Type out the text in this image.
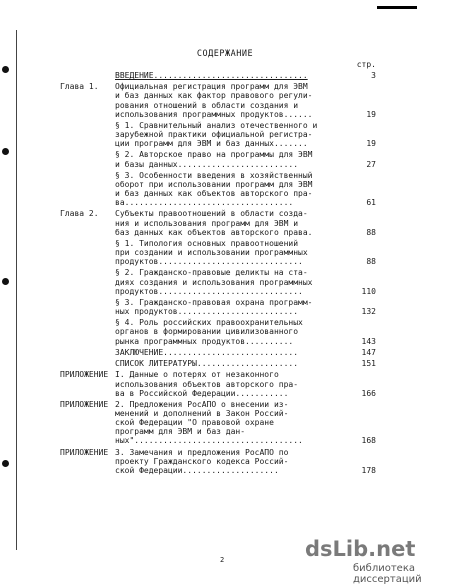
СОДЕРЖАНИЕ
стр.
ВВЕДЕНИЕ................................	3
Глава 1. Официальная регистрация программ для ЭВМ
и баз данных как фактор правового регули-
рования отношений в области создания и
использования программных продуктов......	19
§ 1. Сравнительный анализ отечественного и
зарубежной практики официальной регистра-
ции программ для ЭВМ и баз данных.......	19
§ 2. Авторское право на программы для ЭВМ
и базы данных.........................	27
§ 3. Особенности введения в хозяйственный
оборот при использовании программ для ЭВМ
и баз данных как объектов авторского пра-
ва...................................	61
Глава 2. Субъекты правоотношений в области созда-
ния и использования программ для ЭВМ и
баз данных как объектов авторского права.	88
§ 1. Типология основных правоотношений
при создании и использовании программных
продуктов..............................	88
§ 2. Гражданско-правовые деликты на ста-
диях создания и использования программных
продуктов..............................	110
§ 3. Гражданско-правовая охрана программ-
ных продуктов.........................	132
§ 4. Роль российских правоохранительных
органов в формировании цивилизованного
рынка программных продуктов..........	143
ЗАКЛЮЧЕНИЕ............................	147
СПИСОК ЛИТЕРАТУРЫ.....................	151
ПРИЛОЖЕНИЕ I. Данные о потерях от незаконного
использования объектов авторского пра-
ва в Российской Федерации...........	166
ПРИЛОЖЕНИЕ 2. Предложения РосАПО о внесении из-
менений и дополнений в Закон Россий-
ской Федерации "О правовой охране
программ для ЭВМ и баз дан-
ных"...................................	168
ПРИЛОЖЕНИЕ 3. Замечания и предложения РосАПО по
проекту Гражданского кодекса Россий-
ской Федерации....................	178
2	dsLib.net
библиотека диссертаций
